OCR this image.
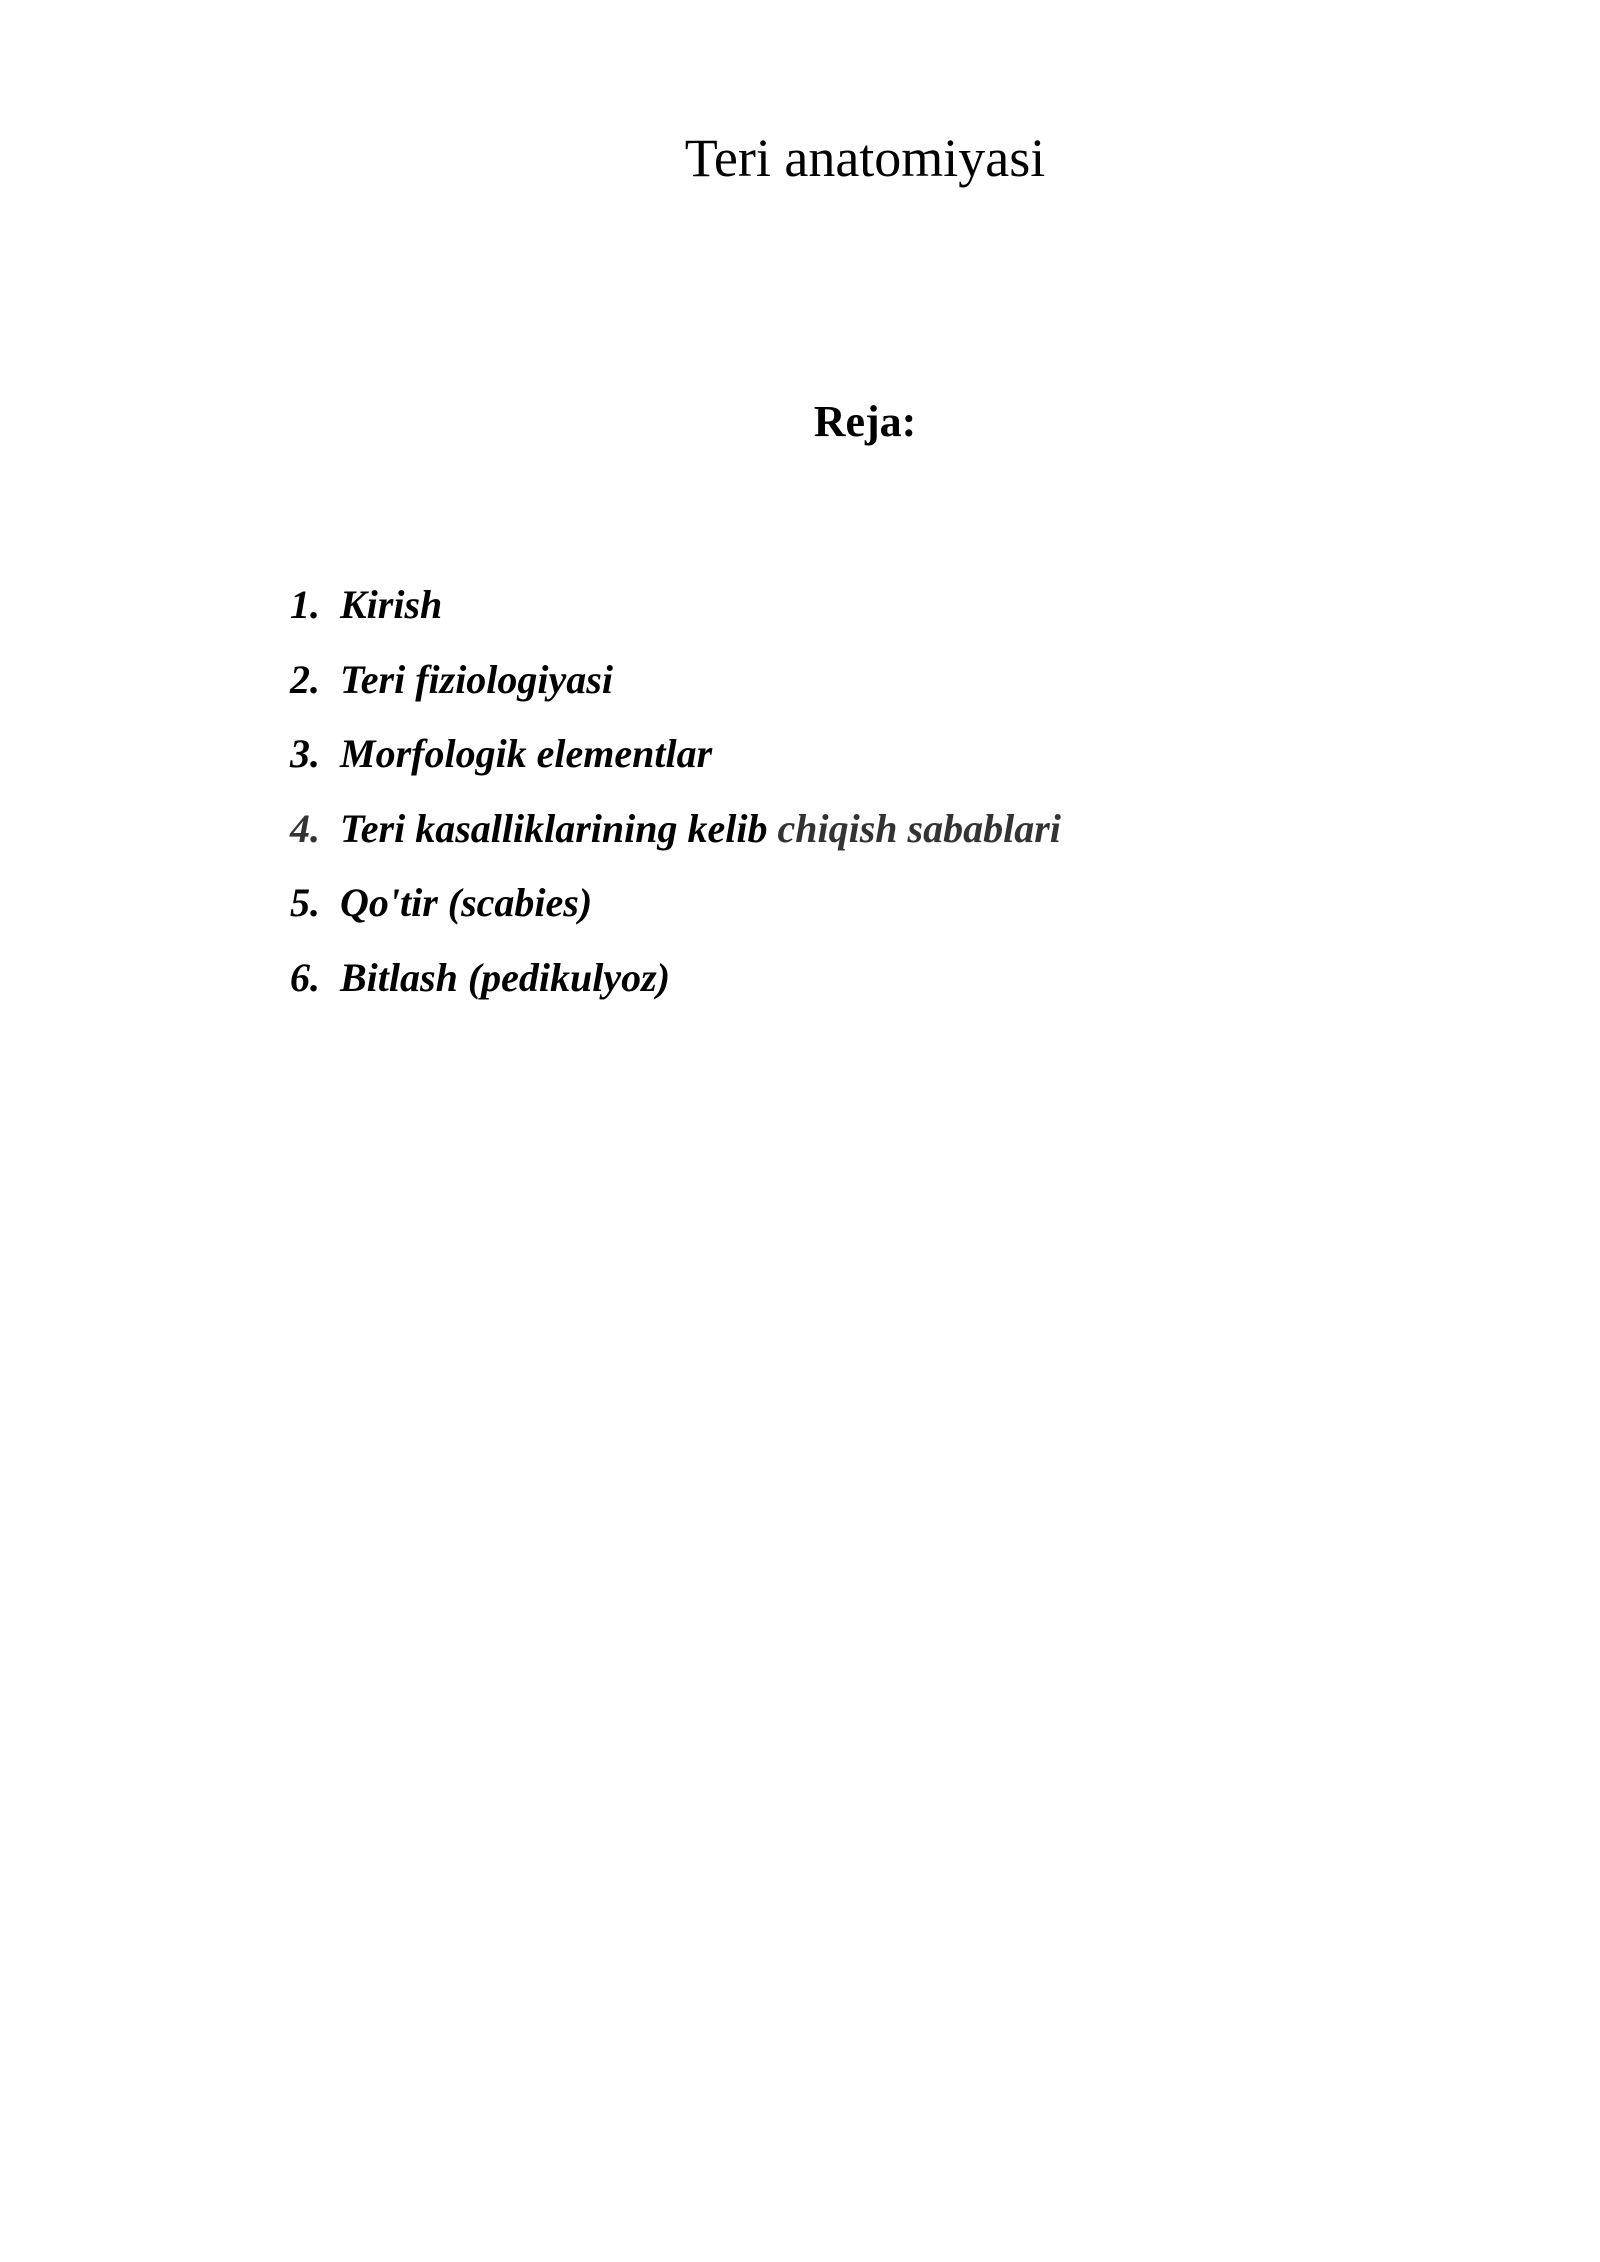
Teri anatomiyasi
Reja:
1. Kirish
2. Teri fiziologiyasi
3. Morfologik elementlar
4. Teri kasalliklarining kelib chiqish sabablari
5. Qo'tir (scabies)
6. Bitlash (pedikulyoz)
